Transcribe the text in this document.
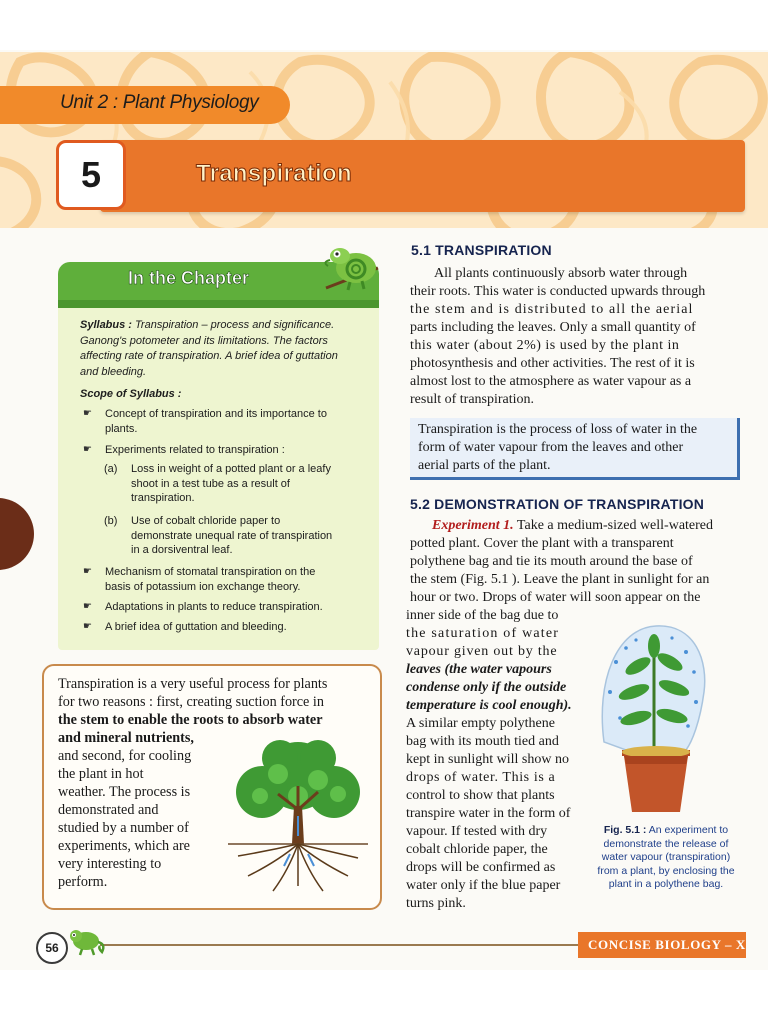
Unit 2 : Plant Physiology
5	Transpiration
In the Chapter
Syllabus : Transpiration – process and significance.
Ganong's potometer and its limitations. The factors
affecting rate of transpiration. A brief idea of guttation
and bleeding.
Scope of Syllabus :
☛ Concept of transpiration and its importance to
plants.
☛ Experiments related to transpiration :
(a) Loss in weight of a potted plant or a leafy
shoot in a test tube as a result of
transpiration.
(b) Use of cobalt chloride paper to
demonstrate unequal rate of transpiration
in a dorsiventral leaf.
☛ Mechanism of stomatal transpiration on the
basis of potassium ion exchange theory.
☛ Adaptations in plants to reduce transpiration.
☛ A brief idea of guttation and bleeding.
Transpiration is a very useful process for plants
for two reasons : first, creating suction force in
the stem to enable the roots to absorb water
and mineral nutrients,
and second, for cooling
the plant in hot
weather. The process is
demonstrated and
studied by a number of
experiments, which are
very interesting to
perform.
5.1 TRANSPIRATION
All plants continuously absorb water through
their roots. This water is conducted upwards through
the stem and is distributed to all the aerial
parts including the leaves. Only a small quantity of
this water (about 2%) is used by the plant in
photosynthesis and other activities. The rest of it is
almost lost to the atmosphere as water vapour as a
result of transpiration.
Transpiration is the process of loss of water in the
form of water vapour from the leaves and other
aerial parts of the plant.
5.2 DEMONSTRATION OF TRANSPIRATION
Experiment 1. Take a medium-sized well-watered
potted plant. Cover the plant with a transparent
polythene bag and tie its mouth around the base of
the stem (Fig. 5.1 ). Leave the plant in sunlight for an
hour or two. Drops of water will soon appear on the
inner side of the bag due to
the saturation of water
vapour given out by the
leaves (the water vapours
condense only if the outside
temperature is cool enough).
A similar empty polythene
bag with its mouth tied and
kept in sunlight will show no
drops of water. This is a
control to show that plants
transpire water in the form of
vapour. If tested with dry
cobalt chloride paper, the
drops will be confirmed as
water only if the blue paper
turns pink.
Fig. 5.1 : An experiment to demonstrate the release of water vapour (transpiration) from a plant, by enclosing the plant in a polythene bag.
56	CONCISE BIOLOGY – X
